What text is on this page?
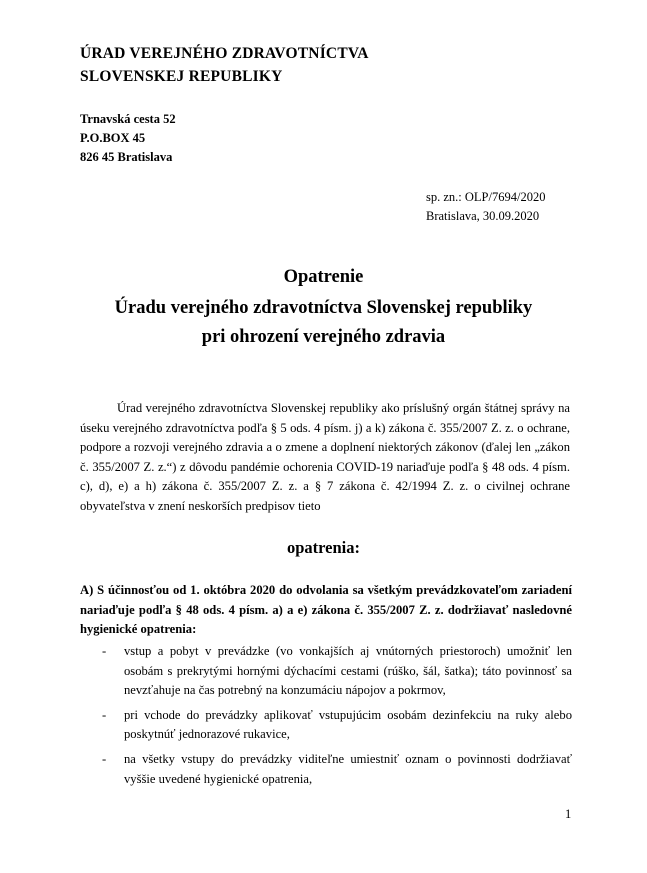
ÚRAD VEREJNÉHO ZDRAVOTNÍCTVA
SLOVENSKEJ REPUBLIKY
Trnavská cesta 52
P.O.BOX 45
826 45 Bratislava
sp. zn.: OLP/7694/2020
Bratislava, 30.09.2020
Opatrenie
Úradu verejného zdravotníctva Slovenskej republiky
pri ohrození verejného zdravia

Úrad verejného zdravotníctva Slovenskej republiky ako príslušný orgán štátnej správy na úseku verejného zdravotníctva podľa § 5 ods. 4 písm. j) a k) zákona č. 355/2007 Z. z. o ochrane, podpore a rozvoji verejného zdravia a o zmene a doplnení niektorých zákonov (ďalej len „zákon č. 355/2007 Z. z.“) z dôvodu pandémie ochorenia COVID-19 nariaďuje podľa § 48 ods. 4 písm. c), d), e) a h) zákona č. 355/2007 Z. z. a § 7 zákona č. 42/1994 Z. z. o civilnej ochrane obyvateľstva v znení neskorších predpisov tieto

opatrenia:
A) S účinnosťou od 1. októbra 2020 do odvolania sa všetkým prevádzkovateľom zariadení nariaďuje podľa § 48 ods. 4 písm. a) a e) zákona č. 355/2007 Z. z. dodržiavať nasledovné hygienické opatrenia:
- vstup a pobyt v prevádzke (vo vonkajších aj vnútorných priestoroch) umožniť len osobám s prekrytými hornými dýchacími cestami (rúško, šál, šatka); táto povinnosť sa nevzťahuje na čas potrebný na konzumáciu nápojov a pokrmov,
- pri vchode do prevádzky aplikovať vstupujúcim osobám dezinfekciu na ruky alebo poskytnúť jednorazové rukavice,
- na všetky vstupy do prevádzky viditeľne umiestniť oznam o povinnosti dodržiavať vyššie uvedené hygienické opatrenia,
1
